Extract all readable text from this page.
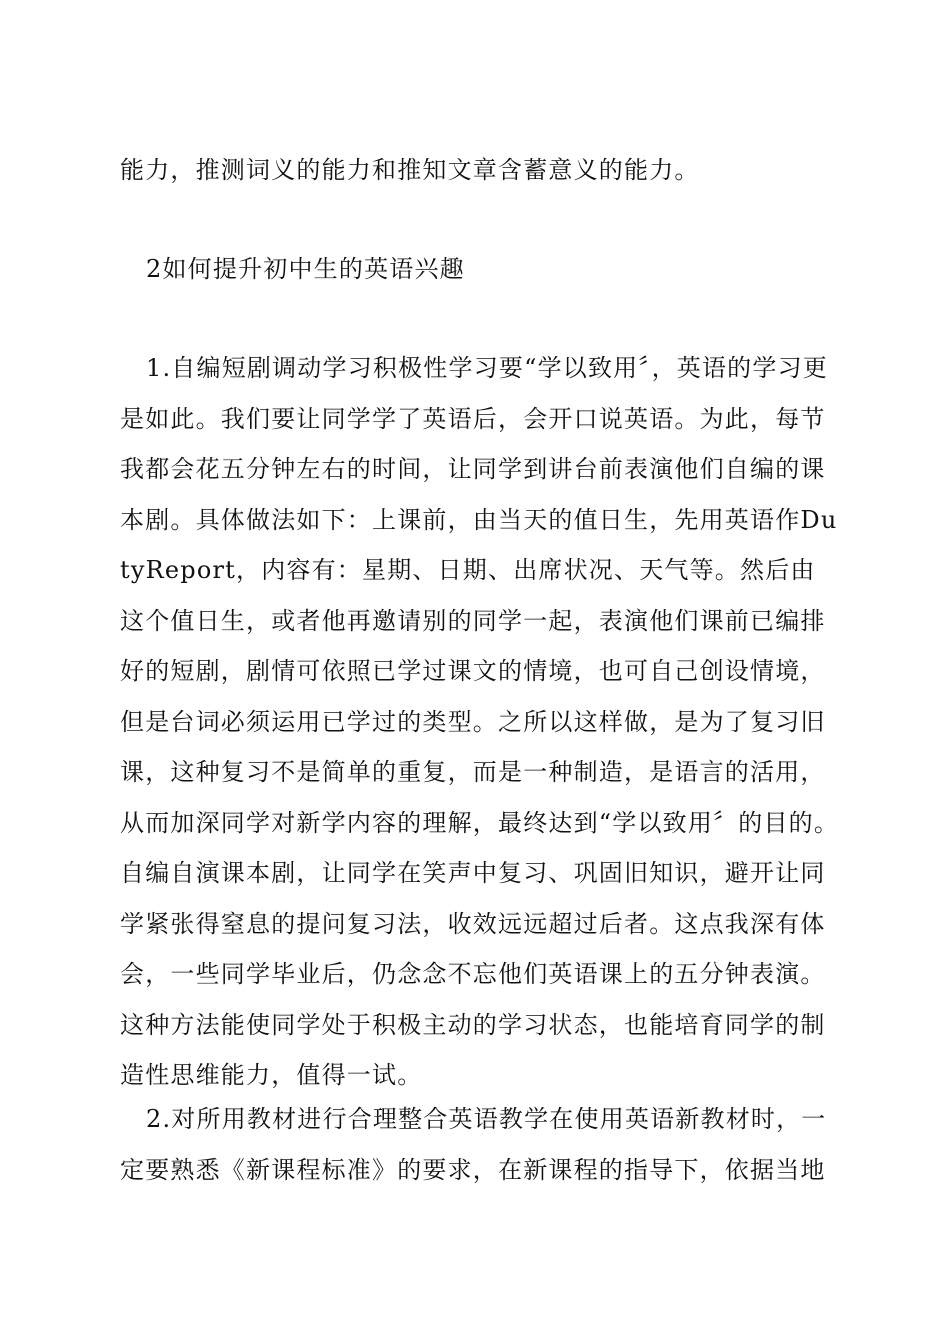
能力，推测词义的能力和推知文章含蓄意义的能力。
2如何提升初中生的英语兴趣
1.自编短剧调动学习积极性学习要“学以致用〞，英语的学习更是如此。我们要让同学学了英语后，会开口说英语。为此，每节我都会花五分钟左右的时间，让同学到讲台前表演他们自编的课本剧。具体做法如下：上课前，由当天的值日生，先用英语作DutyReport，内容有：星期、日期、出席状况、天气等。然后由这个值日生，或者他再邀请别的同学一起，表演他们课前已编排好的短剧，剧情可依照已学过课文的情境，也可自己创设情境，但是台词必须运用已学过的类型。之所以这样做，是为了复习旧课，这种复习不是简单的重复，而是一种制造，是语言的活用，从而加深同学对新学内容的理解，最终达到“学以致用〞的目的。自编自演课本剧，让同学在笑声中复习、巩固旧知识，避开让同学紧张得窒息的提问复习法，收效远远超过后者。这点我深有体会，一些同学毕业后，仍念念不忘他们英语课上的五分钟表演。这种方法能使同学处于积极主动的学习状态，也能培育同学的制造性思维能力，值得一试。
2.对所用教材进行合理整合英语教学在使用英语新教材时，一定要熟悉《新课程标准》的要求，在新课程的指导下，依据当地
